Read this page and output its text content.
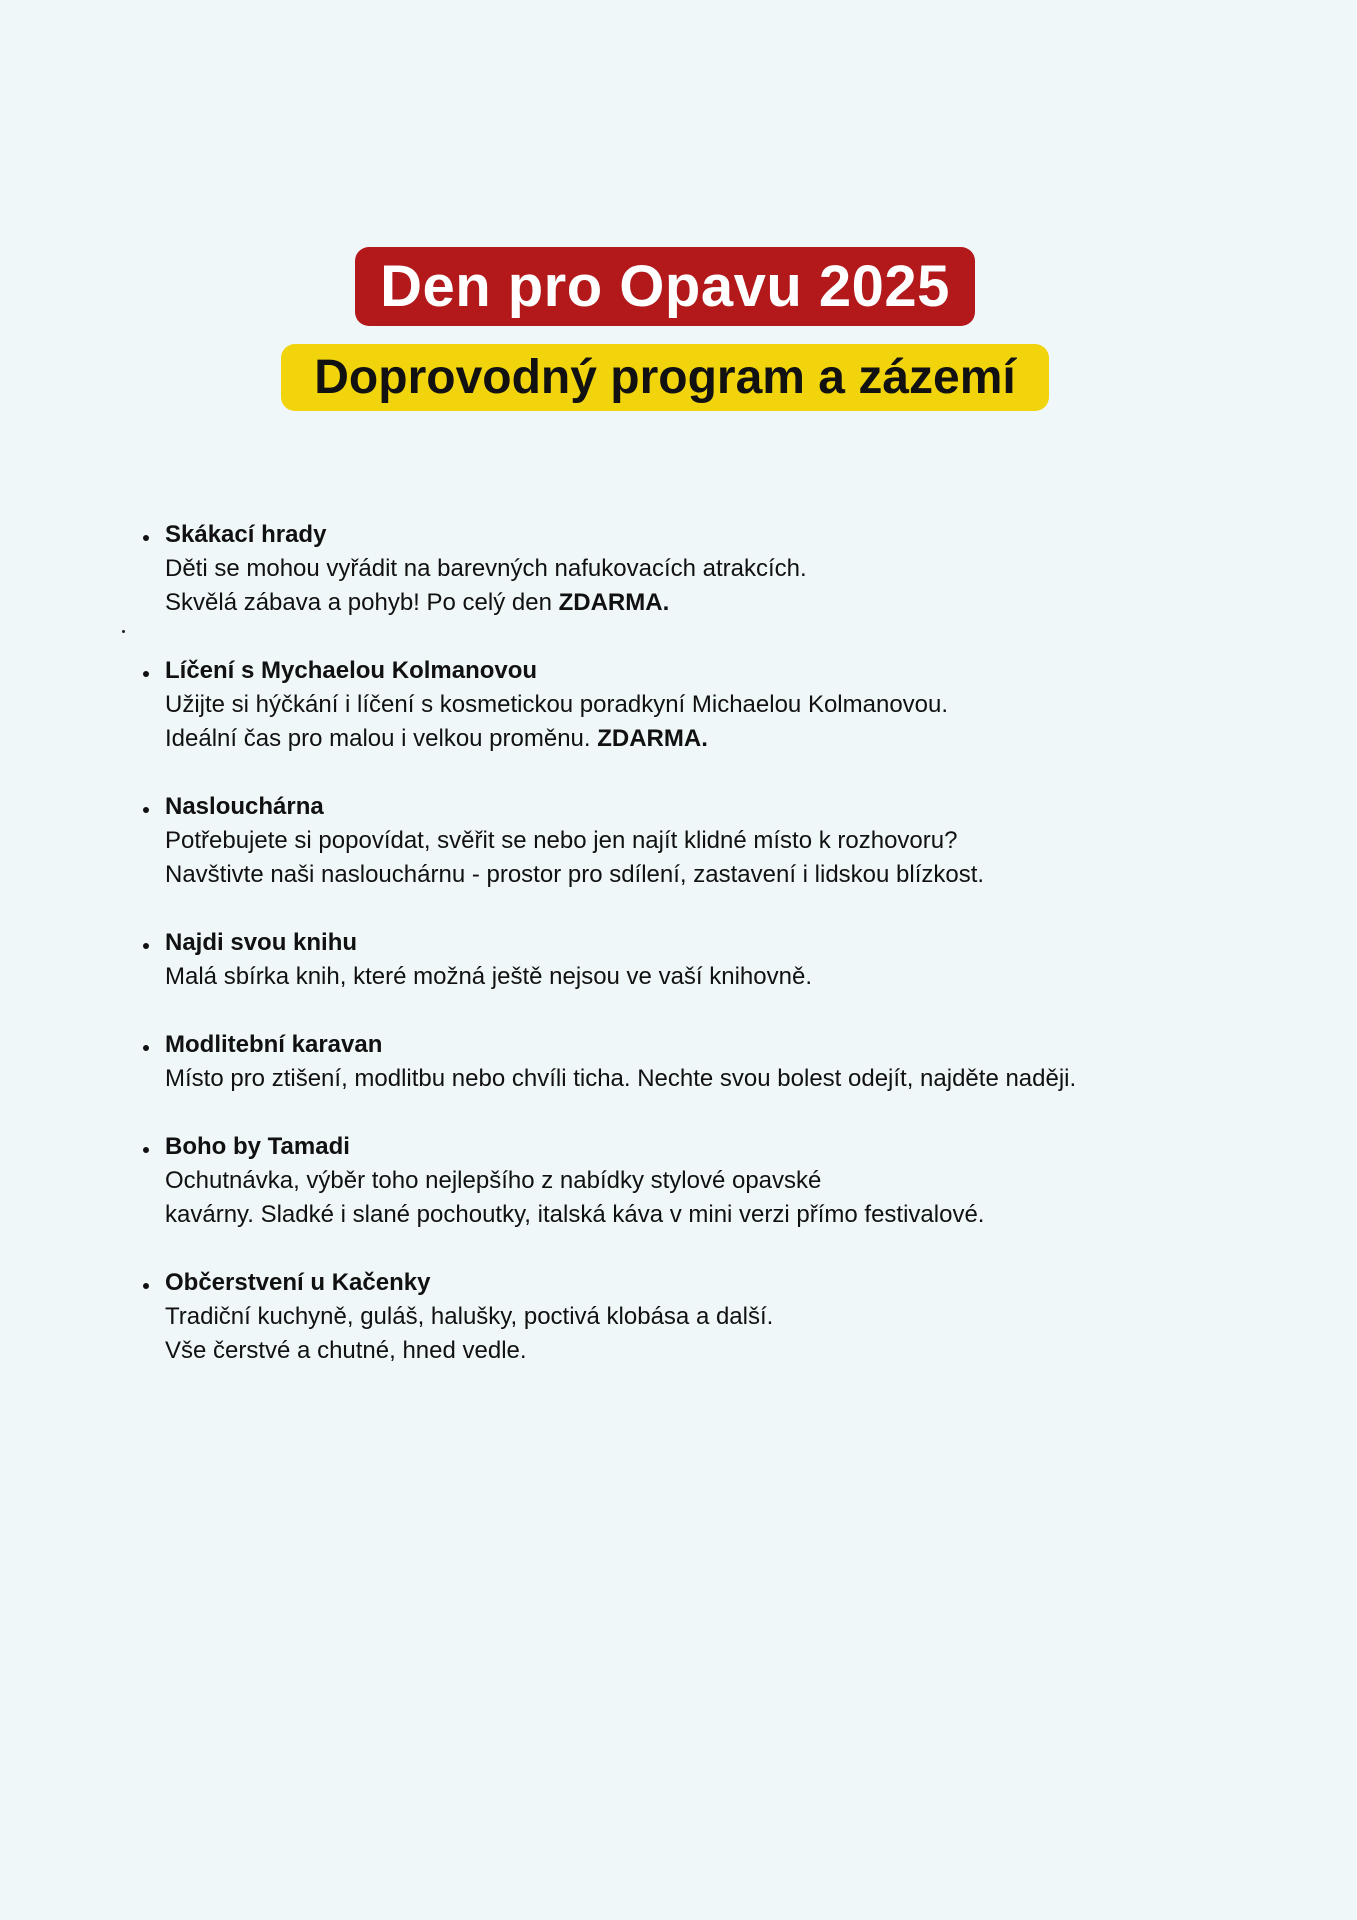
Den pro Opavu 2025
Doprovodný program a zázemí
Skákací hrady
Děti se mohou vyřádit na barevných nafukovacích atrakcích.
Skvělá zábava a pohyb! Po celý den ZDARMA.
Líčení s Mychaelou Kolmanovou
Užijte si hýčkání i líčení s kosmetickou poradkyní Michaelou Kolmanovou.
Ideální čas pro malou i velkou proměnu. ZDARMA.
Naslouchárna
Potřebujete si popovídat, svěřit se nebo jen najít klidné místo k rozhovoru?
Navštivte naši naslouchárnu - prostor pro sdílení, zastavení i lidskou blízkost.
Najdi svou knihu
Malá sbírka knih, které možná ještě nejsou ve vaší knihovně.
Modlitební karavan
Místo pro ztišení, modlitbu nebo chvíli ticha. Nechte svou bolest odejít, najděte naději.
Boho by Tamadi
Ochutnávka, výběr toho nejlepšího z nabídky stylové opavské
kavárny. Sladké i slané pochoutky, italská káva v mini verzi přímo festivalové.
Občerstvení u Kačenky
Tradiční kuchyně, guláš, halušky, poctivá klobása a další.
Vše čerstvé a chutné, hned vedle.
